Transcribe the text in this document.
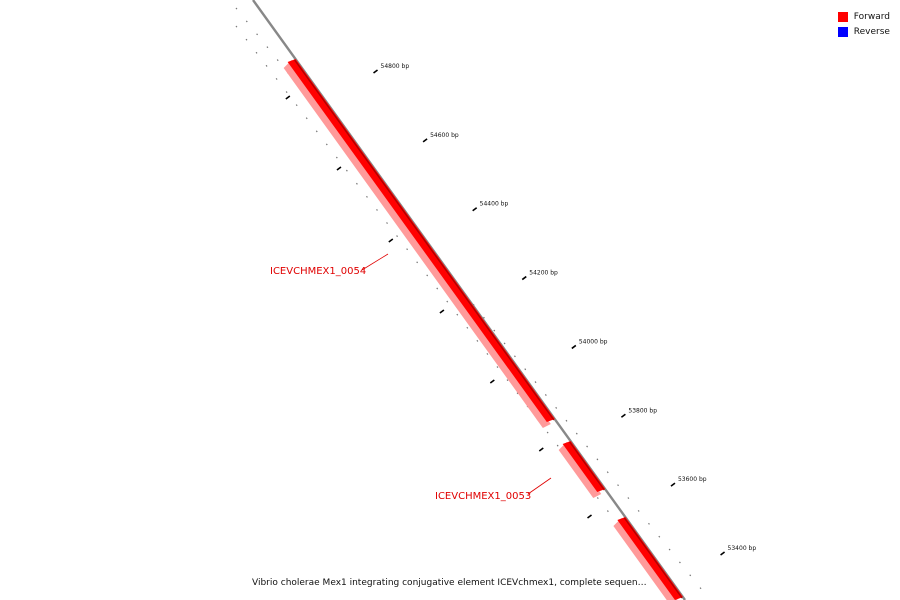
54800 bp
54600 bp
54400 bp
54200 bp
54000 bp
53800 bp
53600 bp
53400 bp
ICEVCHMEX1_0054
ICEVCHMEX1_0053
Forward
Reverse
Vibrio cholerae Mex1 integrating conjugative element ICEVchmex1, complete sequence
